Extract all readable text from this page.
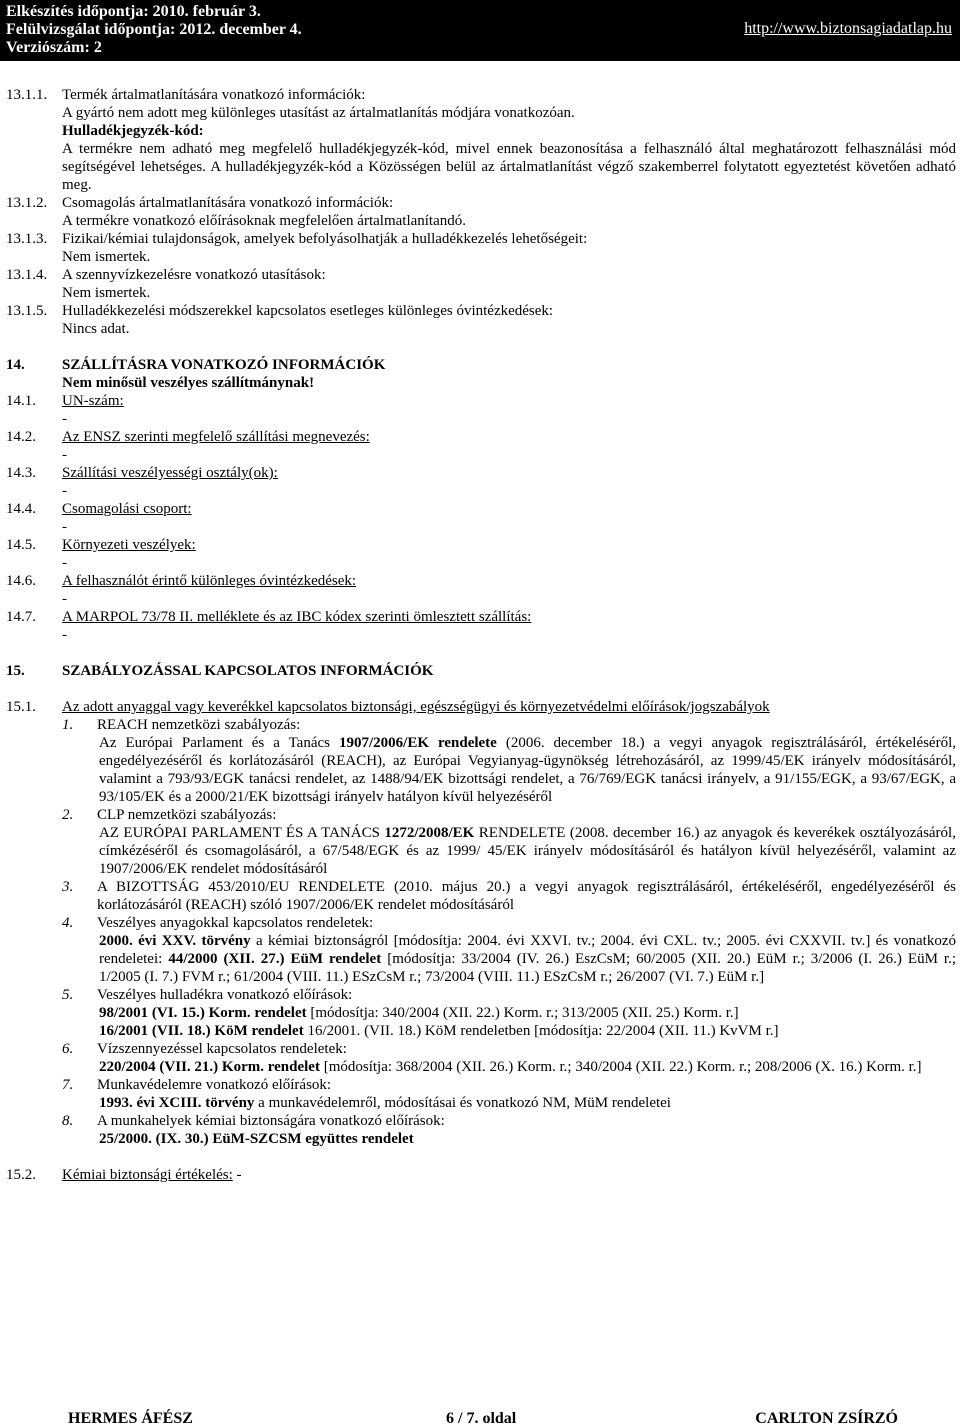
Elkészítés időpontja: 2010. február 3.
Felülvizsgálat időpontja: 2012. december 4.
Verziószám: 2
http://www.biztonsagiadatlap.hu
13.1.1. Termék ártalmatlanítására vonatkozó információk:
A gyártó nem adott meg különleges utasítást az ártalmatlanítás módjára vonatkozóan.
Hulladékjegyzék-kód:
A termékre nem adható meg megfelelő hulladékjegyzék-kód, mivel ennek beazonosítása a felhasználó által meghatározott felhasználási mód segítségével lehetséges. A hulladékjegyzék-kód a Közösségen belül az ártalmatlanítást végző szakemberrel folytatott egyeztetést követően adható meg.
13.1.2. Csomagolás ártalmatlanítására vonatkozó információk:
A termékre vonatkozó előírásoknak megfelelően ártalmatlanítandó.
13.1.3. Fizikai/kémiai tulajdonságok, amelyek befolyásolhatják a hulladékkezelés lehetőségeit:
Nem ismertek.
13.1.4. A szennyvízkezelésre vonatkozó utasítások:
Nem ismertek.
13.1.5. Hulladékkezelési módszerekkel kapcsolatos esetleges különleges óvintézkedések:
Nincs adat.
14.	SZÁLLÍTÁSRA VONATKOZÓ INFORMÁCIÓK
Nem minősül veszélyes szállítmánynak!
14.1.	UN-szám:
-
14.2.	Az ENSZ szerinti megfelelő szállítási megnevezés:
-
14.3.	Szállítási veszélyességi osztály(ok):
-
14.4.	Csomagolási csoport:
-
14.5.	Környezeti veszélyek:
-
14.6.	A felhasználót érintő különleges óvintézkedések:
-
14.7.	A MARPOL 73/78 II. melléklete és az IBC kódex szerinti ömlesztett szállítás:
-
15.	SZABÁLYOZÁSSAL KAPCSOLATOS INFORMÁCIÓK
15.1.	Az adott anyaggal vagy keverékkel kapcsolatos biztonsági, egészségügyi és környezetvédelmi előírások/jogszabályok
1.	REACH nemzetközi szabályozás:
Az Európai Parlament és a Tanács 1907/2006/EK rendelete (2006. december 18.) a vegyi anyagok regisztrálásáról, értékeléséről, engedélyezéséről és korlátozásáról (REACH), az Európai Vegyianyag-ügynökség létrehozásáról, az 1999/45/EK irányelv módosításáról, valamint a 793/93/EGK tanácsi rendelet, az 1488/94/EK bizottsági rendelet, a 76/769/EGK tanácsi irányelv, a 91/155/EGK, a 93/67/EGK, a 93/105/EK és a 2000/21/EK bizottsági irányelv hatályon kívül helyezéséről
2.	CLP nemzetközi szabályozás:
AZ EURÓPAI PARLAMENT ÉS A TANÁCS 1272/2008/EK RENDELETE (2008. december 16.) az anyagok és keverékek osztályozásáról, címkézéséről és csomagolásáról, a 67/548/EGK és az 1999/ 45/EK irányelv módosításáról és hatályon kívül helyezéséről, valamint az 1907/2006/EK rendelet módosításáról
3.	A BIZOTTSÁG 453/2010/EU RENDELETE (2010. május 20.) a vegyi anyagok regisztrálásáról, értékeléséről, engedélyezéséről és korlátozásáról (REACH) szóló 1907/2006/EK rendelet módosításáról
4.	Veszélyes anyagokkal kapcsolatos rendeletek:
2000. évi XXV. törvény a kémiai biztonságról [módosítja: 2004. évi XXVI. tv.; 2004. évi CXL. tv.; 2005. évi CXXVII. tv.] és vonatkozó rendeletei: 44/2000 (XII. 27.) EüM rendelet [módosítja: 33/2004 (IV. 26.) EszCsM; 60/2005 (XII. 20.) EüM r.; 3/2006 (I. 26.) EüM r.; 1/2005 (I. 7.) FVM r.; 61/2004 (VIII. 11.) ESzCsM r.; 73/2004 (VIII. 11.) ESzCsM r.; 26/2007 (VI. 7.) EüM r.]
5.	Veszélyes hulladékra vonatkozó előírások:
98/2001 (VI. 15.) Korm. rendelet [módosítja: 340/2004 (XII. 22.) Korm. r.; 313/2005 (XII. 25.) Korm. r.]
16/2001 (VII. 18.) KöM rendelet 16/2001. (VII. 18.) KöM rendeletben [módosítja: 22/2004 (XII. 11.) KvVM r.]
6.	Vízszennyezéssel kapcsolatos rendeletek:
220/2004 (VII. 21.) Korm. rendelet [módosítja: 368/2004 (XII. 26.) Korm. r.; 340/2004 (XII. 22.) Korm. r.; 208/2006 (X. 16.) Korm. r.]
7.	Munkavédelemre vonatkozó előírások:
1993. évi XCIII. törvény a munkavédelemről, módosításai és vonatkozó NM, MüM rendeletei
8.	A munkahelyek kémiai biztonságára vonatkozó előírások:
25/2000. (IX. 30.) EüM-SZCSM együttes rendelet
15.2.	Kémiai biztonsági értékelés: -
HERMES ÁFÉSZ	6 / 7. oldal	CARLTON ZSÍRZÓ
